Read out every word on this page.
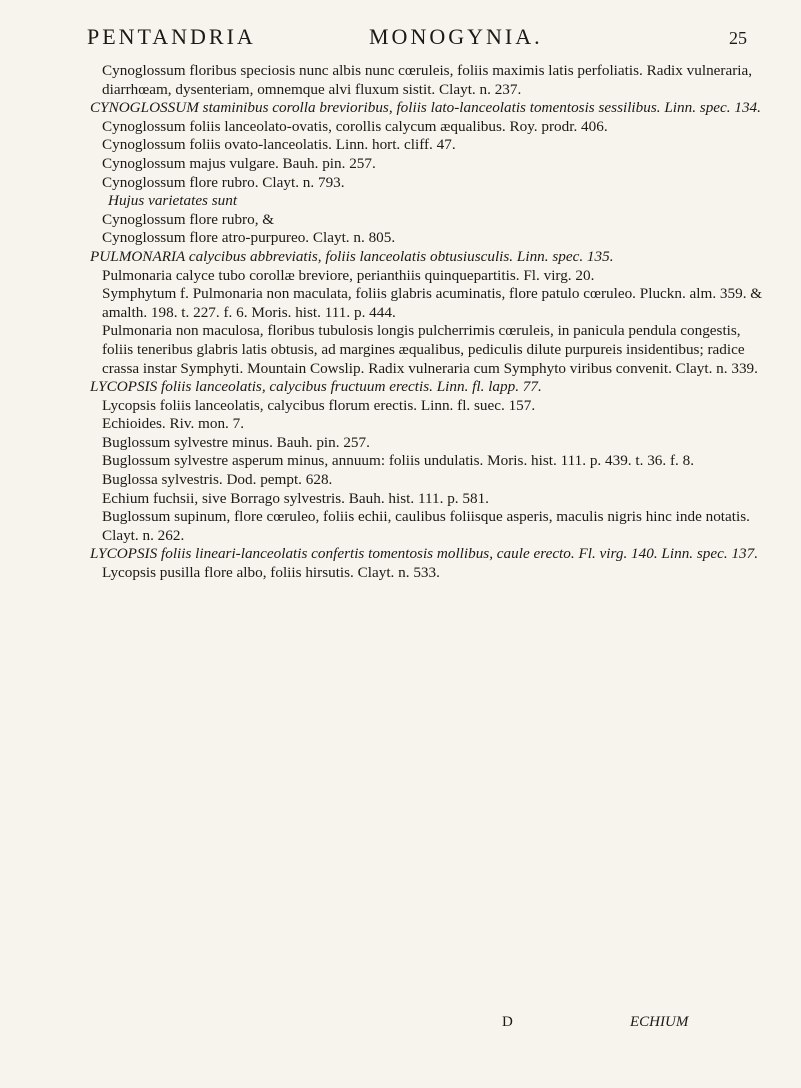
PENTANDRIA	MONOGYNIA.	25

Cynoglossum floribus speciosis nunc albis nunc cœruleis, foliis maximis latis perfoliatis. Radix vulneraria, diarrhœam, dysenteriam, omnemque alvi fluxum sistit. Clayt. n. 237.

CYNOGLOSSUM staminibus corolla brevioribus, foliis lato-lanceolatis tomentosis sessilibus. Linn. spec. 134.

Cynoglossum foliis lanceolato-ovatis, corollis calycum æqualibus. Roy. prodr. 406.

Cynoglossum foliis ovato-lanceolatis. Linn. hort. cliff. 47.

Cynoglossum majus vulgare. Bauh. pin. 257.

Cynoglossum flore rubro. Clayt. n. 793.

Hujus varietates sunt

Cynoglossum flore rubro, &

Cynoglossum flore atro-purpureo. Clayt. n. 805.

PULMONARIA calycibus abbreviatis, foliis lanceolatis obtusiusculis. Linn. spec. 135.

Pulmonaria calyce tubo corollæ breviore, perianthiis quinquepartitis. Fl. virg. 20.

Symphytum f. Pulmonaria non maculata, foliis glabris acuminatis, flore patulo cœruleo. Pluckn. alm. 359. & amalth. 198. t. 227. f. 6. Moris. hist. 111. p. 444.

Pulmonaria non maculosa, floribus tubulosis longis pulcherrimis cœruleis, in panicula pendula congestis, foliis teneribus glabris latis obtusis, ad margines æqualibus, pediculis dilute purpureis insidentibus; radice crassa instar Symphyti. Mountain Cowslip. Radix vulneraria cum Symphyto viribus convenit. Clayt. n. 339.

LYCOPSIS foliis lanceolatis, calycibus fructuum erectis. Linn. fl. lapp. 77.

Lycopsis foliis lanceolatis, calycibus florum erectis. Linn. fl. suec. 157.

Echioides. Riv. mon. 7.

Buglossum sylvestre minus. Bauh. pin. 257.

Buglossum sylvestre asperum minus, annuum: foliis undulatis. Moris. hist. 111. p. 439. t. 36. f. 8.

Buglossa sylvestris. Dod. pempt. 628.

Echium fuchsii, sive Borrago sylvestris. Bauh. hist. 111. p. 581.

Buglossum supinum, flore cœruleo, foliis echii, caulibus foliisque asperis, maculis nigris hinc inde notatis. Clayt. n. 262.

LYCOPSIS foliis lineari-lanceolatis confertis tomentosis mollibus, caule erecto. Fl. virg. 140. Linn. spec. 137.

Lycopsis pusilla flore albo, foliis hirsutis. Clayt. n. 533.

D	ECHIUM
